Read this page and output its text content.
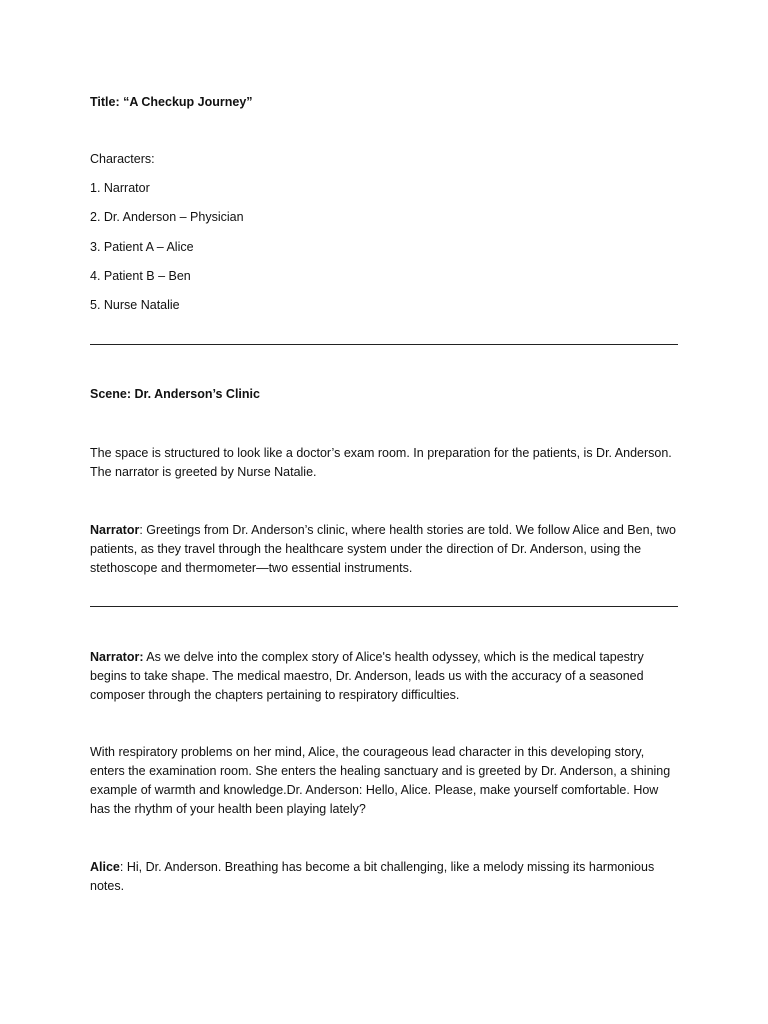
Title: “A Checkup Journey”
Characters:
1. Narrator
2. Dr. Anderson – Physician
3. Patient A – Alice
4. Patient B – Ben
5. Nurse Natalie
Scene: Dr. Anderson’s Clinic
The space is structured to look like a doctor’s exam room. In preparation for the patients, is Dr. Anderson. The narrator is greeted by Nurse Natalie.
Narrator: Greetings from Dr. Anderson’s clinic, where health stories are told. We follow Alice and Ben, two patients, as they travel through the healthcare system under the direction of Dr. Anderson, using the stethoscope and thermometer—two essential instruments.
Narrator: As we delve into the complex story of Alice's health odyssey, which is the medical tapestry begins to take shape. The medical maestro, Dr. Anderson, leads us with the accuracy of a seasoned composer through the chapters pertaining to respiratory difficulties.
With respiratory problems on her mind, Alice, the courageous lead character in this developing story, enters the examination room. She enters the healing sanctuary and is greeted by Dr. Anderson, a shining example of warmth and knowledge.Dr. Anderson: Hello, Alice. Please, make yourself comfortable. How has the rhythm of your health been playing lately?
Alice: Hi, Dr. Anderson. Breathing has become a bit challenging, like a melody missing its harmonious notes.
